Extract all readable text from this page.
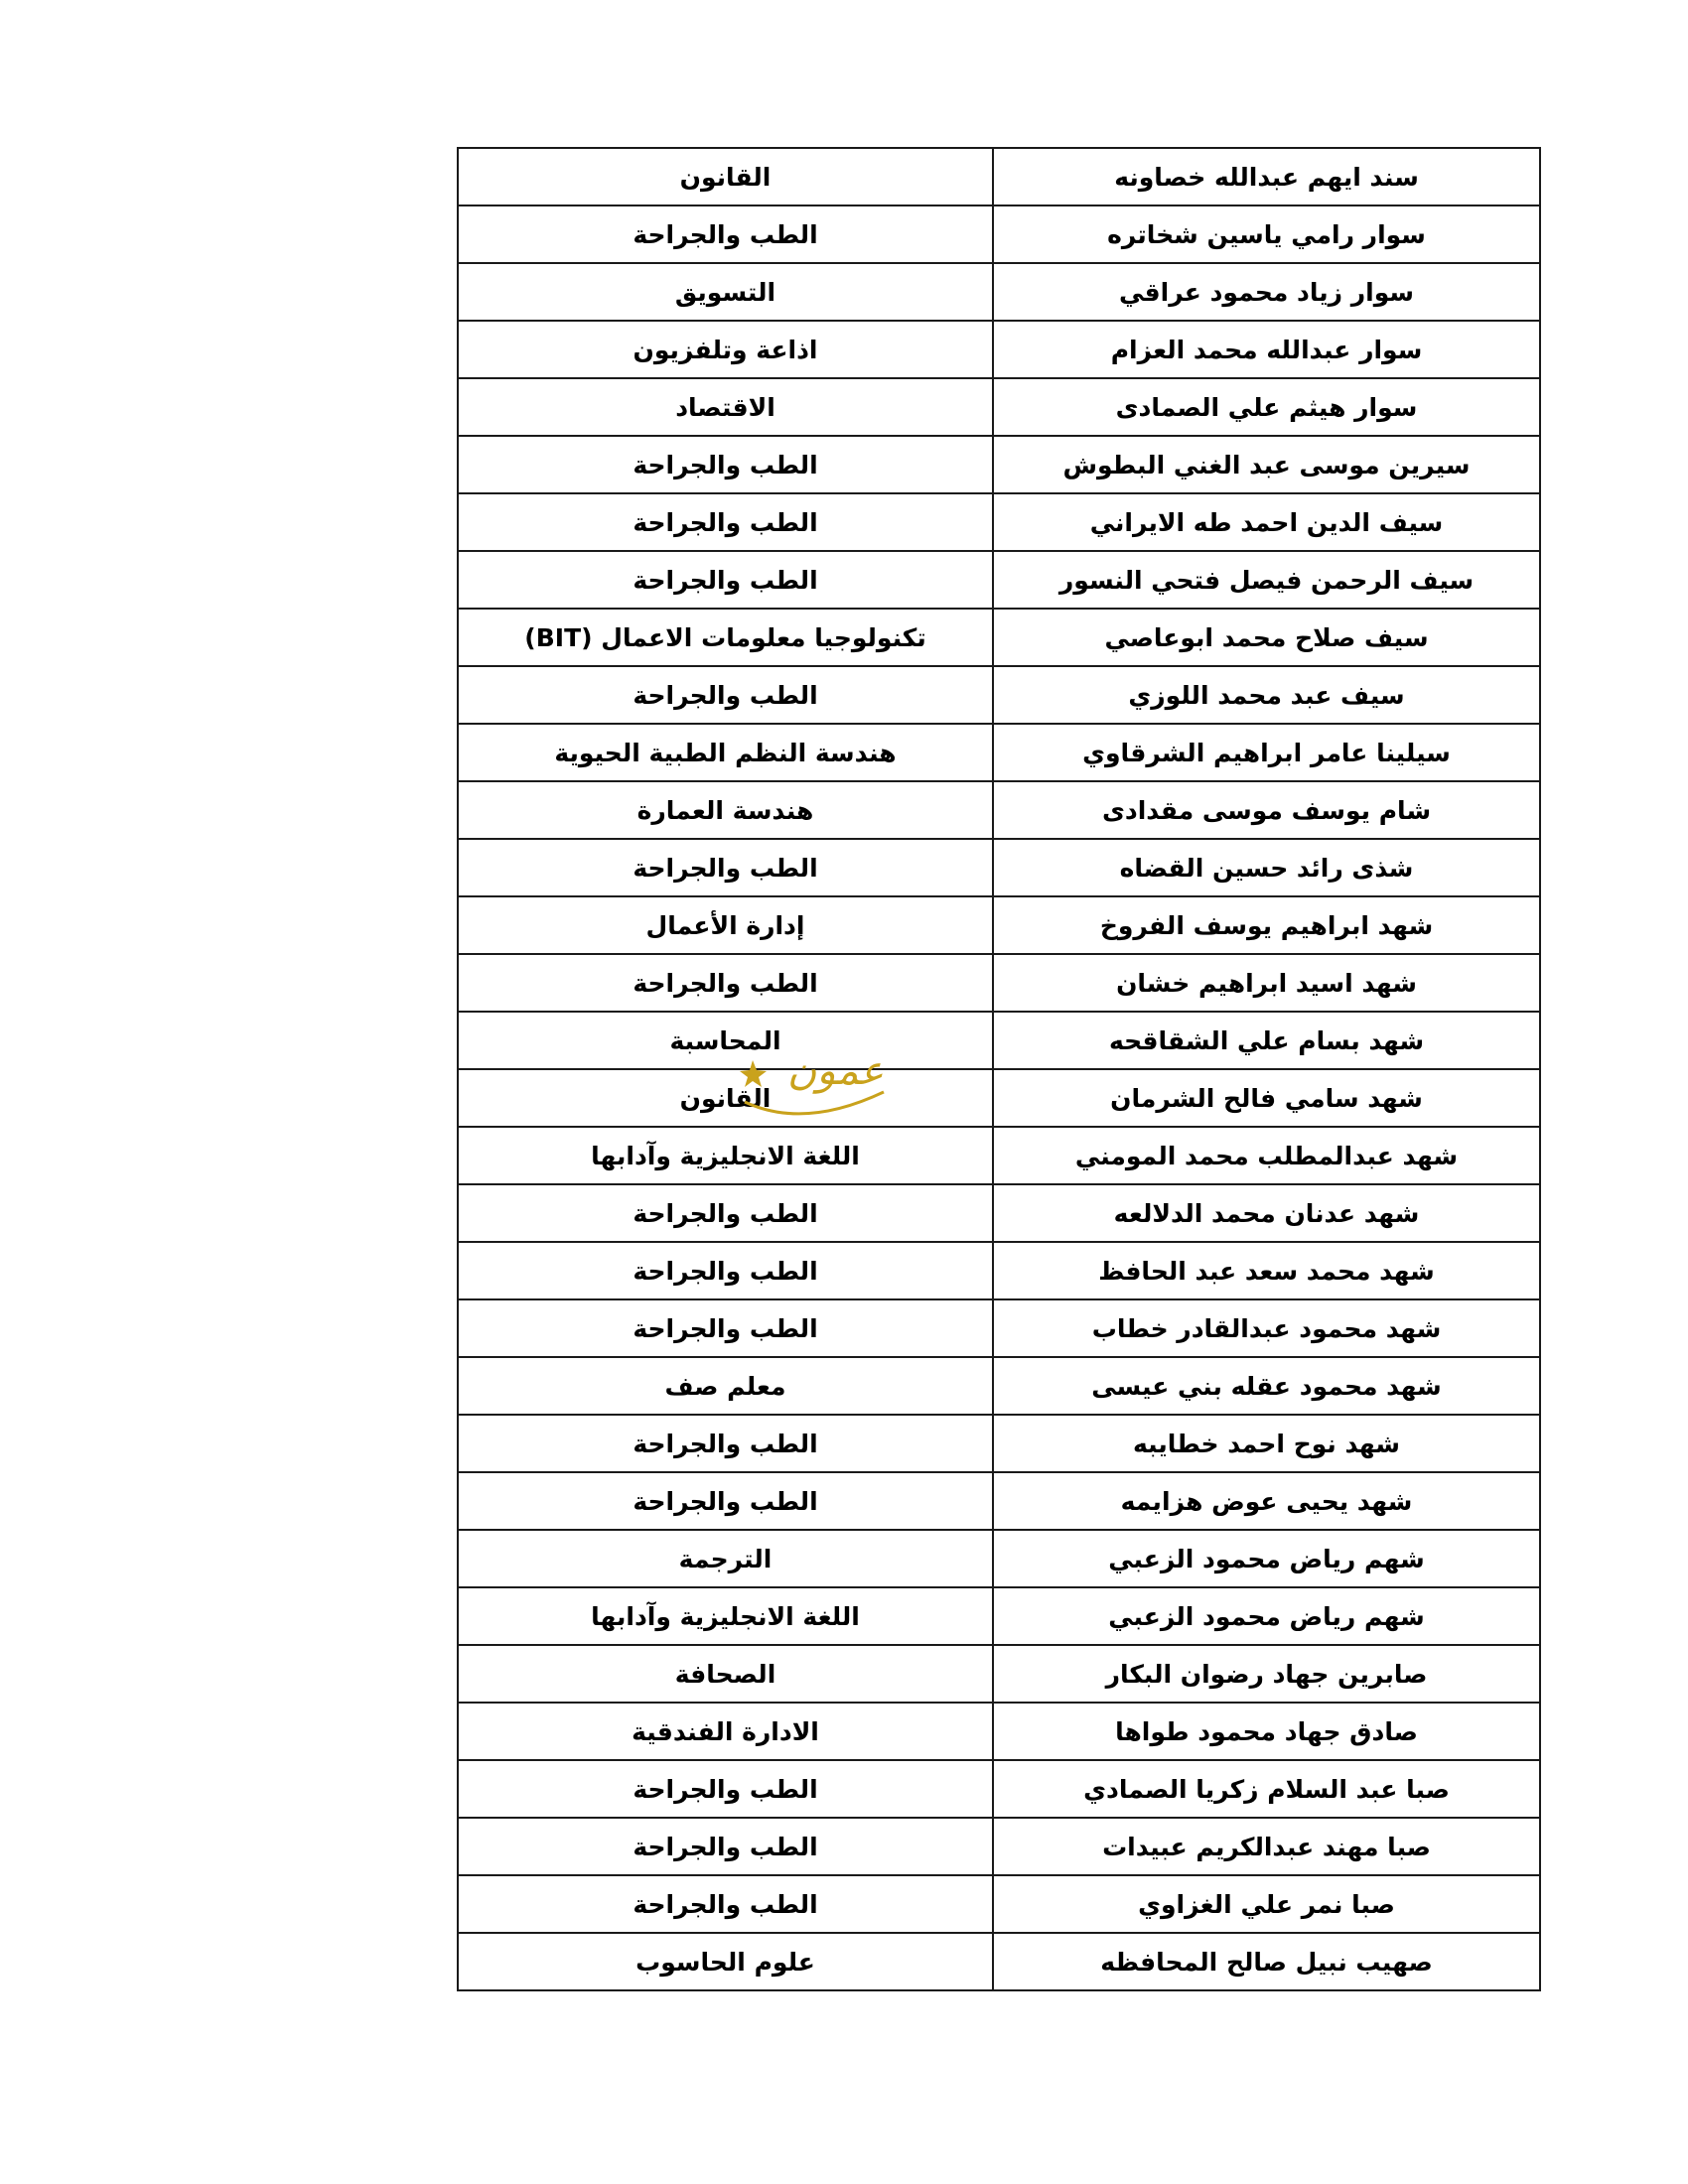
سند ايهم عبدالله خصاونه	القانون
سوار رامي ياسين شخاتره	الطب والجراحة
سوار زياد محمود عراقي	التسويق
سوار عبدالله محمد العزام	اذاعة وتلفزيون
سوار هيثم علي الصمادى	الاقتصاد
سيرين موسى عبد الغني البطوش	الطب والجراحة
سيف الدين احمد طه الايراني	الطب والجراحة
سيف الرحمن فيصل فتحي النسور	الطب والجراحة
سيف صلاح محمد ابوعاصي	تكنولوجيا معلومات الاعمال (BIT)
سيف عبد محمد اللوزي	الطب والجراحة
سيلينا عامر ابراهيم الشرقاوي	هندسة النظم الطبية الحيوية
شام يوسف موسى مقدادى	هندسة العمارة
شذى رائد حسين القضاه	الطب والجراحة
شهد ابراهيم يوسف الفروخ	إدارة الأعمال
شهد اسيد ابراهيم خشان	الطب والجراحة
شهد بسام علي الشقاقحه	المحاسبة
شهد سامي فالح الشرمان	القانون
شهد عبدالمطلب محمد المومني	اللغة الانجليزية وآدابها
شهد عدنان محمد الدلالعه	الطب والجراحة
شهد محمد سعد عبد الحافظ	الطب والجراحة
شهد محمود عبدالقادر خطاب	الطب والجراحة
شهد محمود عقله بني عيسى	معلم صف
شهد نوح احمد خطايبه	الطب والجراحة
شهد يحيى عوض هزايمه	الطب والجراحة
شهم رياض محمود الزعبي	الترجمة
شهم رياض محمود الزعبي	اللغة الانجليزية وآدابها
صابرين جهاد رضوان البكار	الصحافة
صادق جهاد محمود طواها	الادارة الفندقية
صبا عبد السلام زكريا الصمادي	الطب والجراحة
صبا مهند عبدالكريم عبيدات	الطب والجراحة
صبا نمر علي الغزاوي	الطب والجراحة
صهيب نبيل صالح المحافظه	علوم الحاسوب
عمون
